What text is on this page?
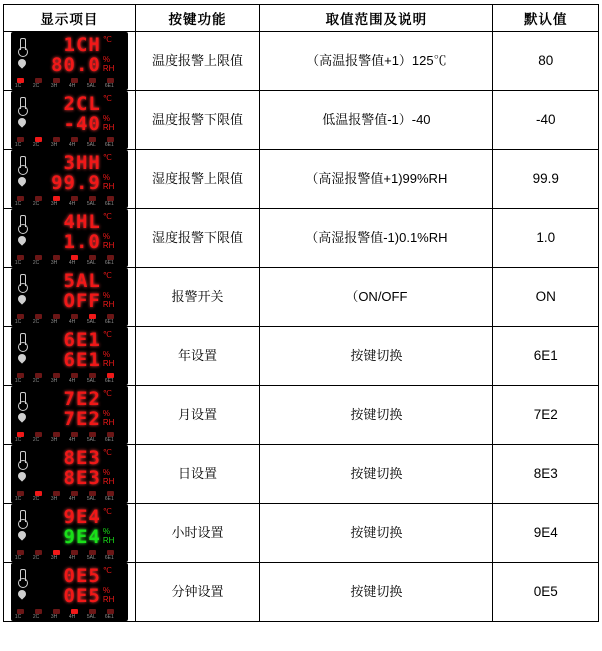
显示项目	按键功能	取值范围及说明	默认值

1CH ℃
80.0 %
RH
1C 2C 3H 4H 5AL 6E1
	温度报警上限值	（高温报警值+1）125℃	80

2CL ℃
-40 %
RH
1C 2C 3H 4H 5AL 6E1
	温度报警下限值	低温报警值-1）-40	-40

3HH ℃
99.9 %
RH
1C 2C 3H 4H 5AL 6E1
	湿度报警上限值	（高湿报警值+1)99%RH	99.9

4HL ℃
1.0 %
RH
1C 2C 3H 4H 5AL 6E1
	湿度报警下限值	（高湿报警值-1)0.1%RH	1.0

5AL ℃
OFF %
RH
1C 2C 3H 4H 5AL 6E1
	报警开关	（ON/OFF	ON

6E1 ℃
6E1 %
RH
1C 2C 3H 4H 5AL 6E1
	年设置	按键切换	6E1

7E2 ℃
7E2 %
RH
1C 2C 3H 4H 5AL 6E1
	月设置	按键切换	7E2

8E3 ℃
8E3 %
RH
1C 2C 3H 4H 5AL 6E1
	日设置	按键切换	8E3

9E4 ℃
9E4 %
RH
1C 2C 3H 4H 5AL 6E1
	小时设置	按键切换	9E4

0E5 ℃
0E5 %
RH
1C 2C 3H 4H 5AL 6E1
	分钟设置	按键切换	0E5
